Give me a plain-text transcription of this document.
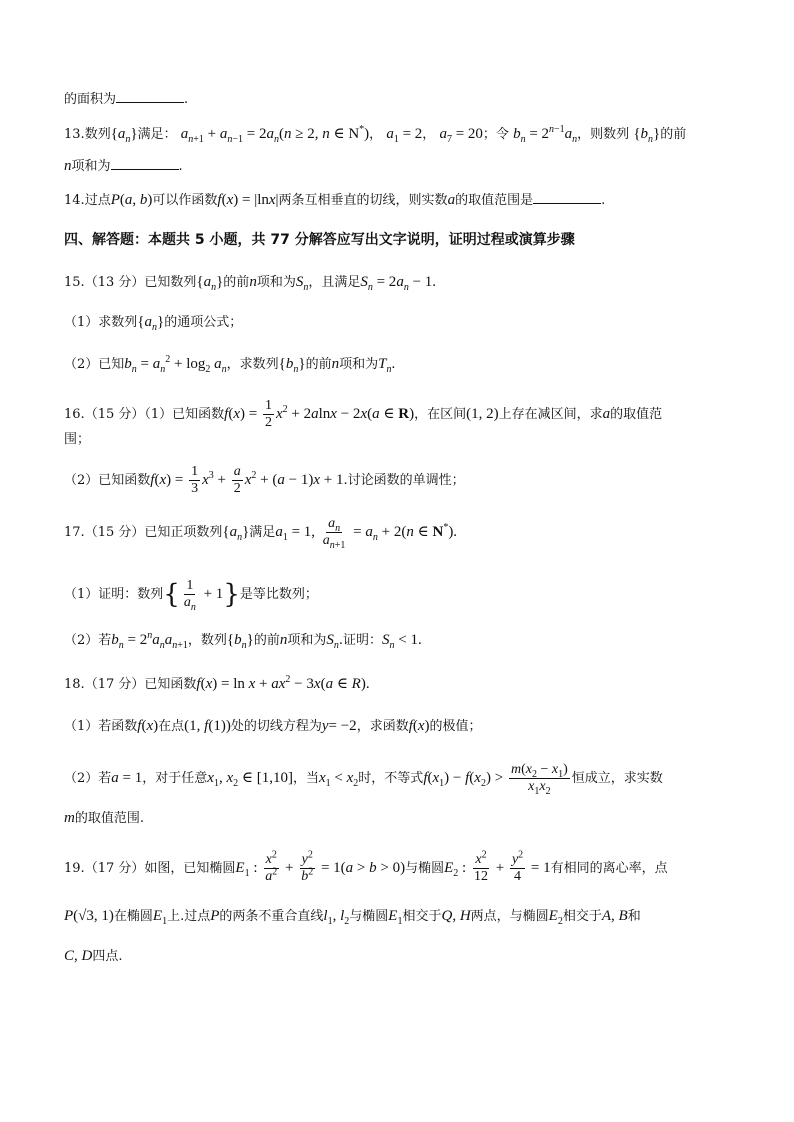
的面积为	.
13.数列$\{a_n\}$满足： $a_{n+1} + a_{n-1} = 2a_n(n \ge 2$, n ∈ N*)， $a_1 = 2$， $a_7 = 20$；令 $b_n = 2^{n-1}a_n$，则数列 $\{b_n\}$的前
n项和为	.
14.过点P(a, b)可以作函数f(x) = |lnx|两条互相垂直的切线，则实数a的取值范围是	.
四、解答题：本题共 5 小题，共 77 分解答应写出文字说明，证明过程或演算步骤
15.（13 分）已知数列$\{a_n\}$的前n项和为$S_n$，且满足$S_n = 2a_n - 1$.
（1）求数列$\{a_n\}$的通项公式；
（2）已知$b_n = a_n^2 + \log_2 a_n$，求数列$\{b_n\}$的前n项和为$T_n$.
16.（15 分）（1）已知函数$f(x) = \frac{1}{2} x^2 + 2alnx - 2x(a$ ∈ R)，在区间(1, 2)上存在减区间，求a的取值范
围；
（2）已知函数$f(x) = \frac{1}{3} x^3 + \frac{a}{2} x^2 + (a - 1)x + 1$.讨论函数的单调性；
17.（15 分）已知正项数列$\{a_n\}$满足$a_1 = 1$, $\frac{a_n}{a_{n+1}} = a_n + 2(n$ ∈ N*).
（1）证明：数列{ $\frac{1}{a_n} + 1$}是等比数列；
（2）若$b_n = 2^na_na_{n+1}$，数列$\{b_n\}$的前n项和为$S_n$.证明：$S_n < 1$.
18.（17 分）已知函数$f(x) = \ln x + ax^2 - 3x(a$ ∈ R).
（1）若函数f(x)在点(1, f(1))处的切线方程为y= −2，求函数f(x)的极值；
（2）若a = 1，对于任意$x_1$, $x_2$ ∈ [1,10]，当$x_1 < x_2$时，不等式$f(x_1) - f(x_2) > \frac{m(x_2 - x_1)}{x_1x_2}$ 恒成立，求实数
m的取值范围.
19.（17 分）如图，已知椭圆$E_1$ : $\frac{x^2}{a^2} + \frac{y^2}{b^2} = 1(a > b > 0)$与椭圆$E_2$ : $\frac{x^2}{12} + \frac{y^2}{4} = 1$有相同的离心率，点
P(√3, 1)在椭圆$E_1$上.过点P的两条不重合直线$l_1$, $l_2$与椭圆$E_1$相交于Q, H两点，与椭圆$E_2$相交于A, B和
C, D四点.
